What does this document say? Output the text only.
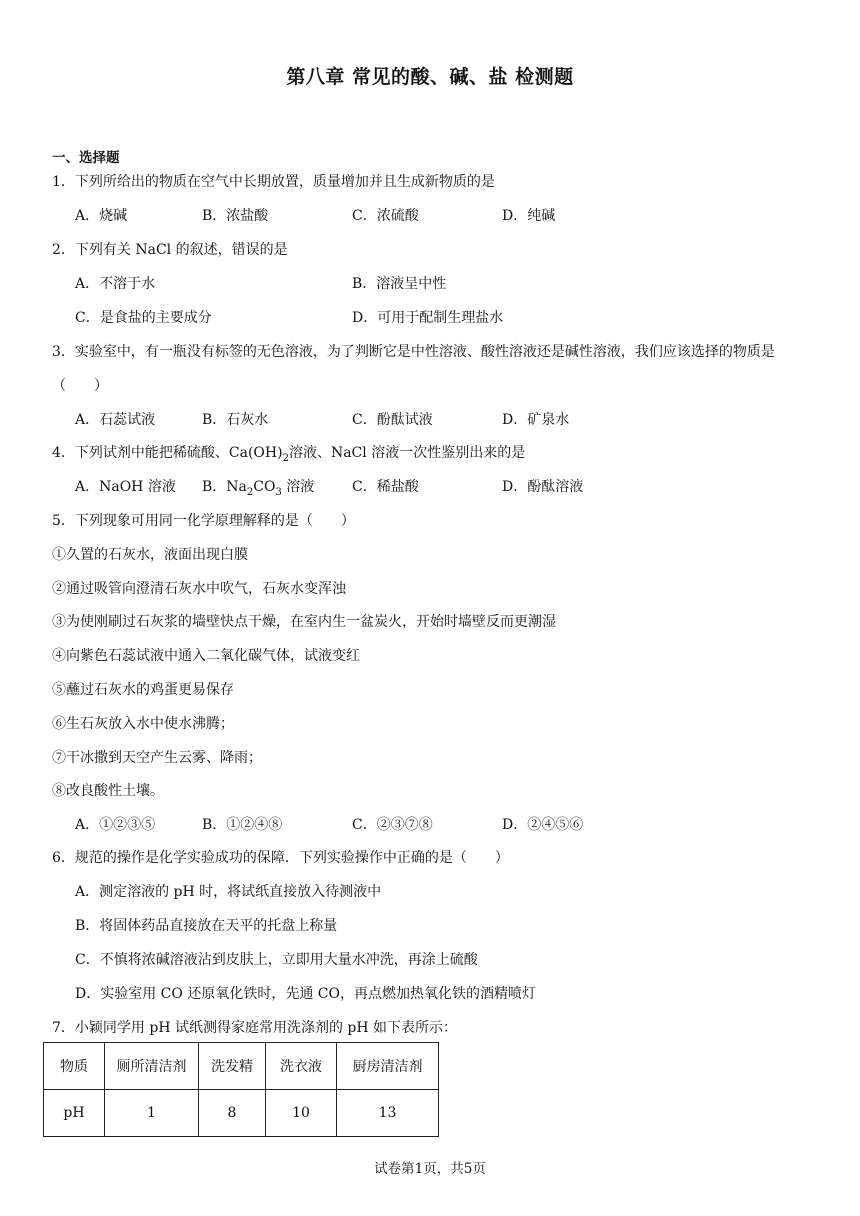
第八章 常见的酸、碱、盐 检测题
一、选择题
1．下列所给出的物质在空气中长期放置，质量增加并且生成新物质的是
A．烧碱	B．浓盐酸	C．浓硫酸	D．纯碱
2．下列有关 NaCl 的叙述，错误的是
A．不溶于水	B．溶液呈中性
C．是食盐的主要成分	D．可用于配制生理盐水
3．实验室中，有一瓶没有标签的无色溶液，为了判断它是中性溶液、酸性溶液还是碱性溶液，我们应该选择的物质是（　　）
A．石蕊试液	B．石灰水	C．酚酞试液	D．矿泉水
4．下列试剂中能把稀硫酸、$Ca(OH)_2$溶液、NaCl 溶液一次性鉴别出来的是
A．NaOH 溶液 B．$Na_2CO_3$ 溶液	C．稀盐酸	D．酚酞溶液
5．下列现象可用同一化学原理解释的是（　　）
①久置的石灰水，液面出现白膜
②通过吸管向澄清石灰水中吹气，石灰水变浑浊
③为使刚刷过石灰浆的墙壁快点干燥，在室内生一盆炭火，开始时墙壁反而更潮湿
④向紫色石蕊试液中通入二氧化碳气体，试液变红
⑤蘸过石灰水的鸡蛋更易保存
⑥生石灰放入水中使水沸腾；
⑦干冰撒到天空产生云雾、降雨；
⑧改良酸性土壤。
A．①②③⑤	B．①②④⑧	C．②③⑦⑧	D．②④⑤⑥
6．规范的操作是化学实验成功的保障．下列实验操作中正确的是（　　）
A．测定溶液的 pH 时，将试纸直接放入待测液中
B．将固体药品直接放在天平的托盘上称量
C．不慎将浓碱溶液沾到皮肤上，立即用大量水冲洗，再涂上硫酸
D．实验室用 CO 还原氧化铁时，先通 CO，再点燃加热氧化铁的酒精喷灯
7．小颖同学用 pH 试纸测得家庭常用洗涤剂的 pH 如下表所示：
物质	厕所清洁剂	洗发精	洗衣液	厨房清洁剂
pH	1	8	10	13
试卷第1页，共5页
